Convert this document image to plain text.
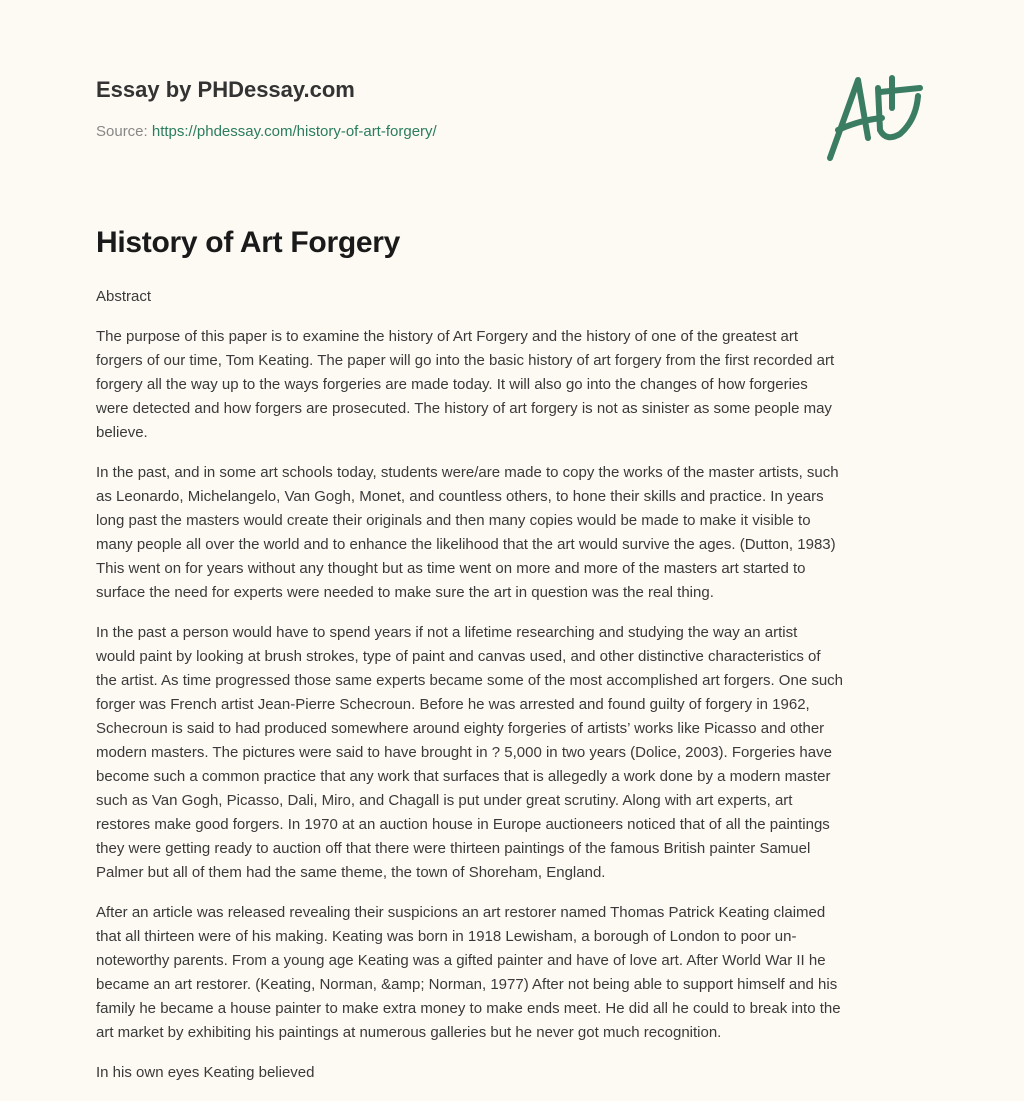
Essay by PHDessay.com
Source: https://phdessay.com/history-of-art-forgery/
History of Art Forgery

Abstract

The purpose of this paper is to examine the history of Art Forgery and the history of one of the greatest art
forgers of our time, Tom Keating. The paper will go into the basic history of art forgery from the first recorded art
forgery all the way up to the ways forgeries are made today. It will also go into the changes of how forgeries
were detected and how forgers are prosecuted. The history of art forgery is not as sinister as some people may
believe.

In the past, and in some art schools today, students were/are made to copy the works of the master artists, such
as Leonardo, Michelangelo, Van Gogh, Monet, and countless others, to hone their skills and practice. In years
long past the masters would create their originals and then many copies would be made to make it visible to
many people all over the world and to enhance the likelihood that the art would survive the ages. (Dutton, 1983)
This went on for years without any thought but as time went on more and more of the masters art started to
surface the need for experts were needed to make sure the art in question was the real thing.

In the past a person would have to spend years if not a lifetime researching and studying the way an artist
would paint by looking at brush strokes, type of paint and canvas used, and other distinctive characteristics of
the artist. As time progressed those same experts became some of the most accomplished art forgers. One such
forger was French artist Jean-Pierre Schecroun. Before he was arrested and found guilty of forgery in 1962,
Schecroun is said to had produced somewhere around eighty forgeries of artists’ works like Picasso and other
modern masters. The pictures were said to have brought in ? 5,000 in two years (Dolice, 2003). Forgeries have
become such a common practice that any work that surfaces that is allegedly a work done by a modern master
such as Van Gogh, Picasso, Dali, Miro, and Chagall is put under great scrutiny. Along with art experts, art
restores make good forgers. In 1970 at an auction house in Europe auctioneers noticed that of all the paintings
they were getting ready to auction off that there were thirteen paintings of the famous British painter Samuel
Palmer but all of them had the same theme, the town of Shoreham, England.

After an article was released revealing their suspicions an art restorer named Thomas Patrick Keating claimed
that all thirteen were of his making. Keating was born in 1918 Lewisham, a borough of London to poor un-
noteworthy parents. From a young age Keating was a gifted painter and have of love art. After World War II he
became an art restorer. (Keating, Norman, &amp; Norman, 1977) After not being able to support himself and his
family he became a house painter to make extra money to make ends meet. He did all he could to break into the
art market by exhibiting his paintings at numerous galleries but he never got much recognition.

In his own eyes Keating believed
